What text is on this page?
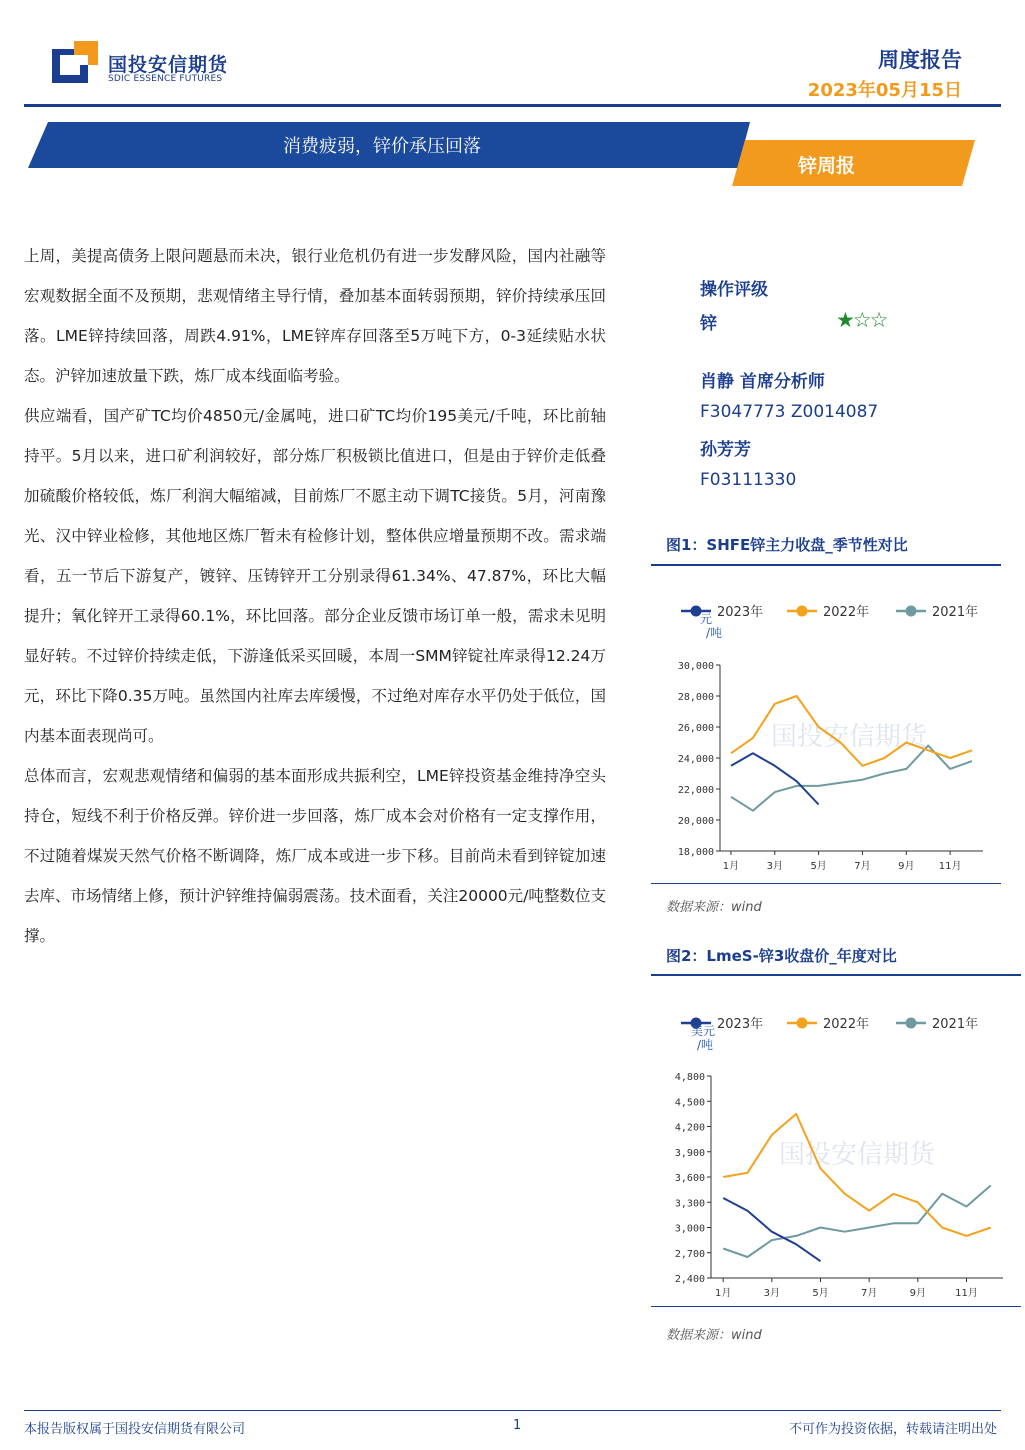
国投安信期货
SDIC ESSENCE FUTURES
周度报告
2023年05月15日
消费疲弱，锌价承压回落
锌周报

上周，美提高债务上限问题悬而未决，银行业危机仍有进一步发酵风险，国内社融等宏观数据全面不及预期，悲观情绪主导行情，叠加基本面转弱预期，锌价持续承压回落。LME锌持续回落，周跌4.91%，LME锌库存回落至5万吨下方，0-3延续贴水状态。沪锌加速放量下跌，炼厂成本线面临考验。

供应端看，国产矿TC均价4850元/金属吨，进口矿TC均价195美元/千吨，环比前轴持平。5月以来，进口矿利润较好，部分炼厂积极锁比值进口，但是由于锌价走低叠加硫酸价格较低，炼厂利润大幅缩减，目前炼厂不愿主动下调TC接货。5月，河南豫光、汉中锌业检修，其他地区炼厂暂未有检修计划，整体供应增量预期不改。需求端看，五一节后下游复产，镀锌、压铸锌开工分别录得61.34%、47.87%，环比大幅提升；氧化锌开工录得60.1%，环比回落。部分企业反馈市场订单一般，需求未见明显好转。不过锌价持续走低，下游逢低采买回暖，本周一SMM锌锭社库录得12.24万元，环比下降0.35万吨。虽然国内社库去库缓慢，不过绝对库存水平仍处于低位，国内基本面表现尚可。

总体而言，宏观悲观情绪和偏弱的基本面形成共振利空，LME锌投资基金维持净空头持仓，短线不利于价格反弹。锌价进一步回落，炼厂成本会对价格有一定支撑作用，不过随着煤炭天然气价格不断调降，炼厂成本或进一步下移。目前尚未看到锌锭加速去库、市场情绪上修，预计沪锌维持偏弱震荡。技术面看，关注20000元/吨整数位支撑。

操作评级
锌	★☆☆
肖静 首席分析师
F3047773 Z0014087
孙芳芳
F03111330
图1：SHFE锌主力收盘_季节性对比
国投安信期货
2023年	2022年	2021年
元
/吨
30,000
28,000
26,000
24,000
22,000
20,000
18,000
1月	3月	5月	7月	9月 11月
数据来源：wind
图2：LmeS-锌3收盘价_年度对比
国投安信期货
2023年	2022年	2021年
美元
/吨
4,800
4,500
4,200
3,900
3,600
3,300
3,000
2,700
2,400
1月	3月	5月	7月	9月	11月
数据来源：wind
本报告版权属于国投安信期货有限公司	1	不可作为投资依据，转载请注明出处
